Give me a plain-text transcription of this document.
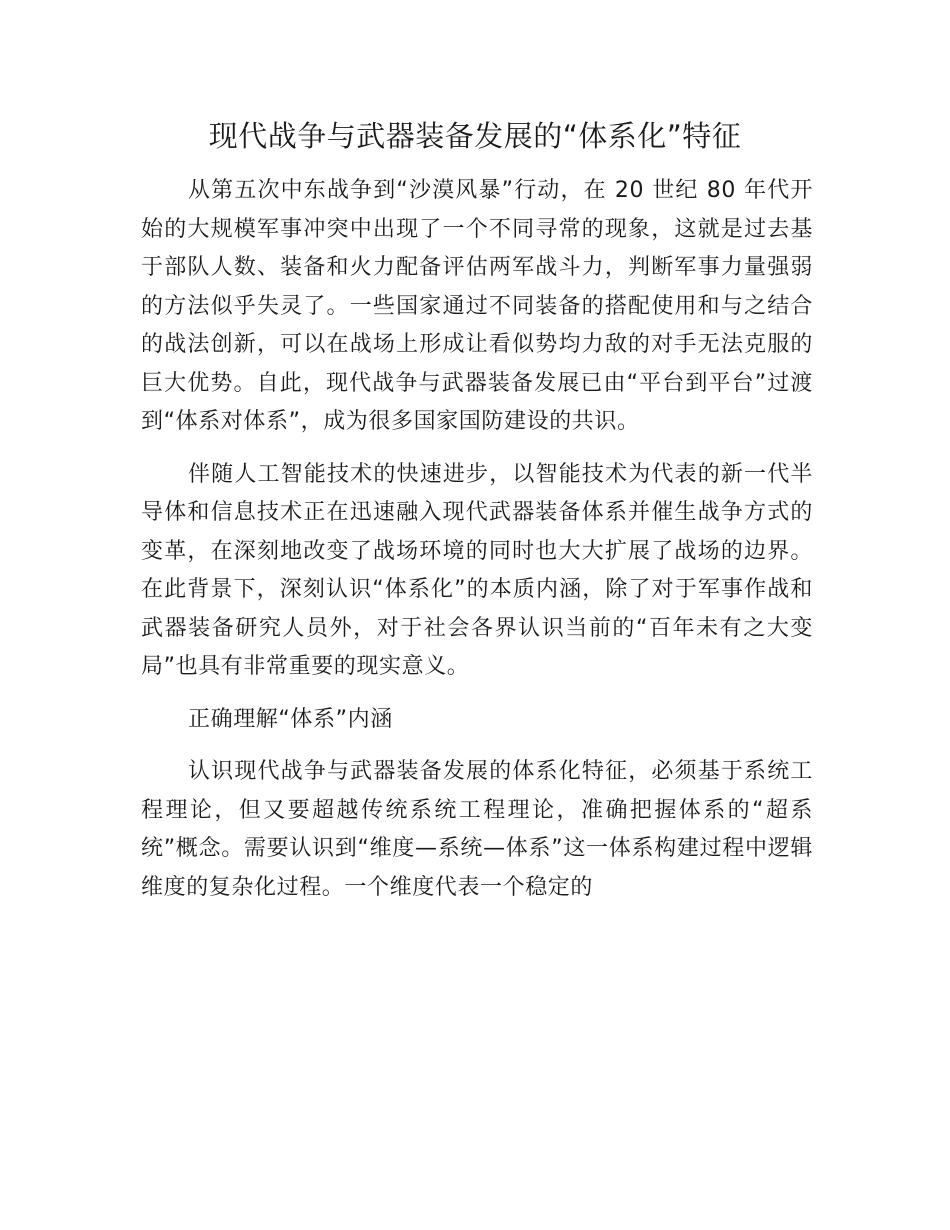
现代战争与武器装备发展的“体系化”特征

从第五次中东战争到“沙漠风暴”行动，在 20 世纪 80 年代开始的大规模军事冲突中出现了一个不同寻常的现象，这就是过去基于部队人数、装备和火力配备评估两军战斗力，判断军事力量强弱的方法似乎失灵了。一些国家通过不同装备的搭配使用和与之结合的战法创新，可以在战场上形成让看似势均力敌的对手无法克服的巨大优势。自此，现代战争与武器装备发展已由“平台到平台”过渡到“体系对体系”，成为很多国家国防建设的共识。

伴随人工智能技术的快速进步，以智能技术为代表的新一代半导体和信息技术正在迅速融入现代武器装备体系并催生战争方式的变革，在深刻地改变了战场环境的同时也大大扩展了战场的边界。在此背景下，深刻认识“体系化”的本质内涵，除了对于军事作战和武器装备研究人员外，对于社会各界认识当前的“百年未有之大变局”也具有非常重要的现实意义。

正确理解“体系”内涵

认识现代战争与武器装备发展的体系化特征，必须基于系统工程理论，但又要超越传统系统工程理论，准确把握体系的“超系统”概念。需要认识到“维度—系统—体系”这一体系构建过程中逻辑维度的复杂化过程。一个维度代表一个稳定的
